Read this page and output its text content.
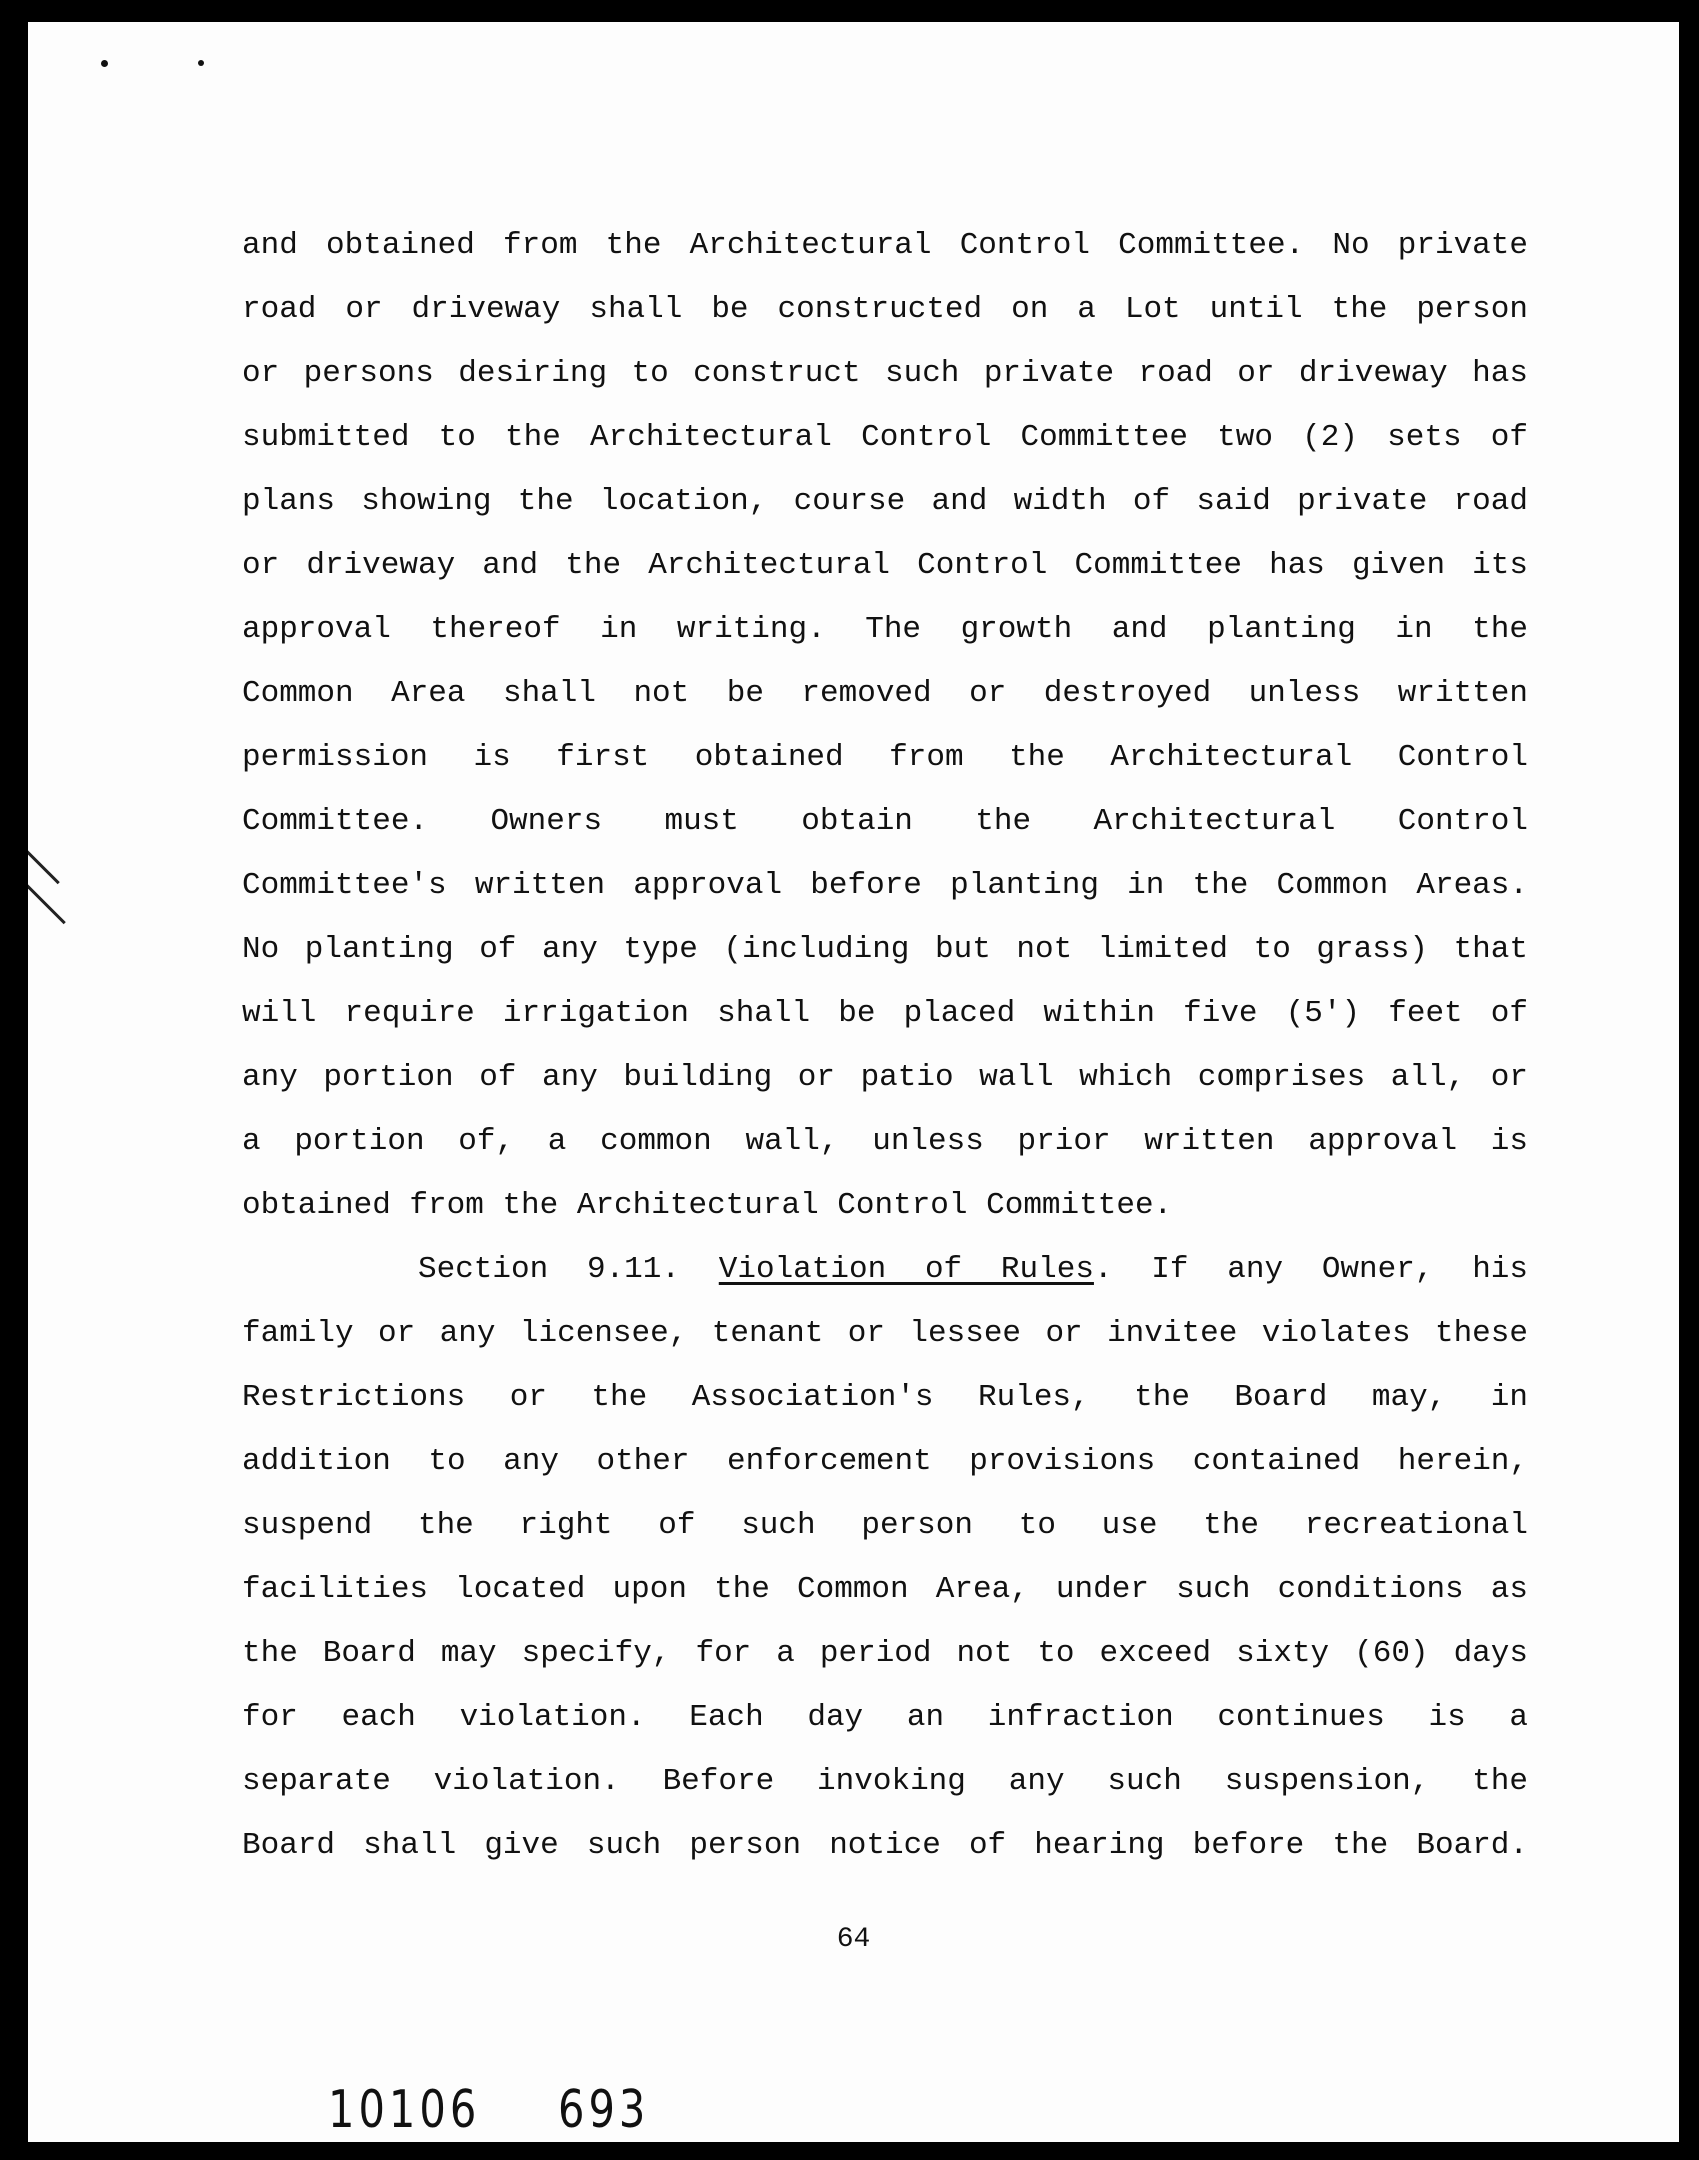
and obtained from the Architectural Control Committee. No private
road or driveway shall be constructed on a Lot until the person
or persons desiring to construct such private road or driveway has
submitted to the Architectural Control Committee two (2) sets of
plans showing the location, course and width of said private road
or driveway and the Architectural Control Committee has given its
approval thereof in writing. The growth and planting in the
Common Area shall not be removed or destroyed unless written
permission is first obtained from the Architectural Control
Committee. Owners must obtain the Architectural Control
Committee's written approval before planting in the Common Areas.
No planting of any type (including but not limited to grass) that
will require irrigation shall be placed within five (5') feet of
any portion of any building or patio wall which comprises all, or
a portion of, a common wall, unless prior written approval is
obtained from the Architectural Control Committee.
Section 9.11. Violation of Rules. If any Owner, his
family or any licensee, tenant or lessee or invitee violates these
Restrictions or the Association's Rules, the Board may, in
addition to any other enforcement provisions contained herein,
suspend the right of such person to use the recreational
facilities located upon the Common Area, under such conditions as
the Board may specify, for a period not to exceed sixty (60) days
for each violation. Each day an infraction continues is a
separate violation. Before invoking any such suspension, the
Board shall give such person notice of hearing before the Board.
64
10106 693
